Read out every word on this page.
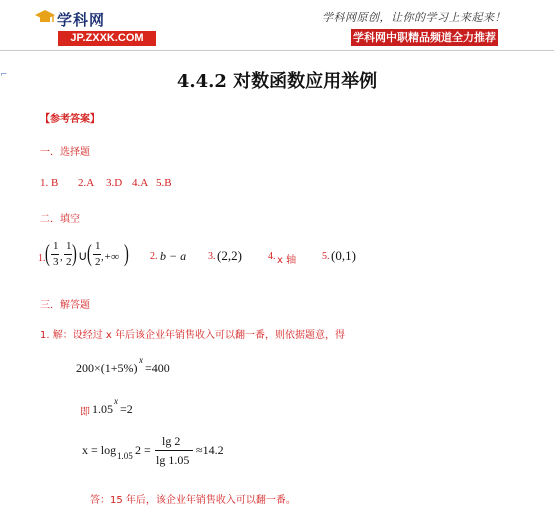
学科网
JP.ZXXK.COM
学科网原创，让你的学习上来起来！
学科网中职精品频道全力推荐
⌐	4.4.2 对数函数应用举例
【参考答案】
一．选择题
1. B 2.A 3.D 4.A 5.B
二．填空
1. ( 1
3 ,
1
2 ) ∪ ( 1
2 ,+∞ ) 2. b − a 3. (2,2)	4. x 轴	5. (0,1)
三．解答题
1. 解：设经过 x 年后该企业年销售收入可以翻一番，则依据题意，得
200×(1+5%)
x
=400
即 1.05
x
=2
x = log 1.05 2 =
lg 2
lg 1.05
≈14.2
答：15 年后，该企业年销售收入可以翻一番。
